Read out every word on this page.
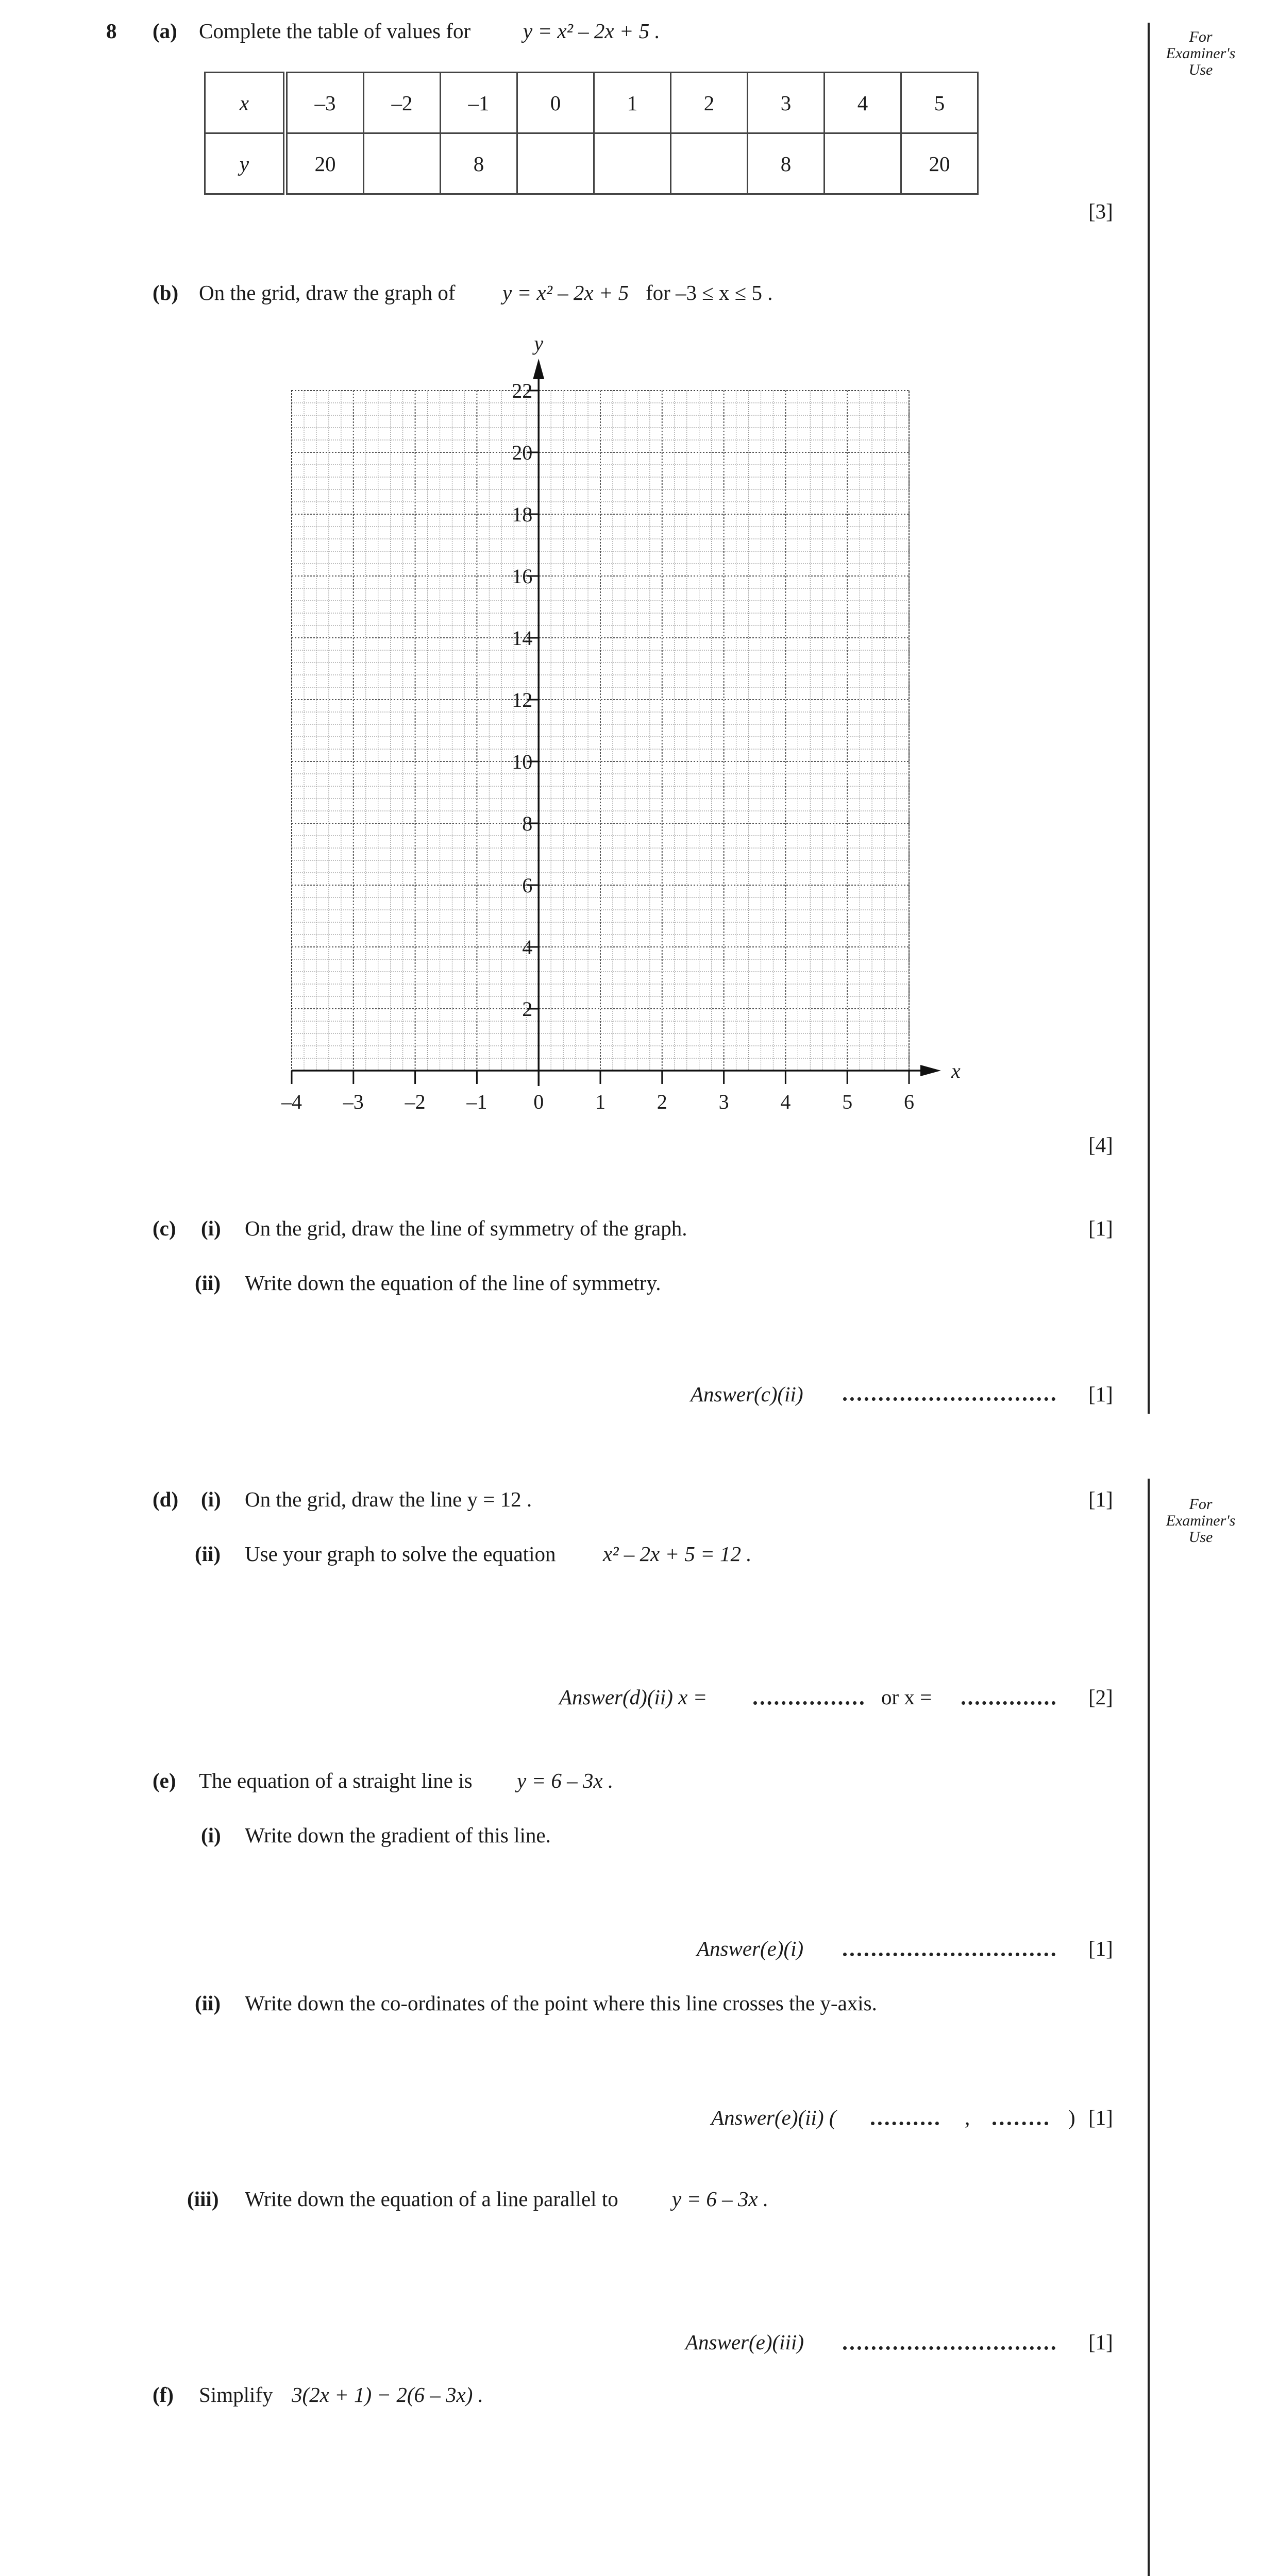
8 (a) Complete the table of values for y = x² – 2x + 5 .
x	–3	–2	–1	0	1	2	3	4	5
y	20		8				8		20
[3]
(b) On the grid, draw the graph of y = x² – 2x + 5 for –3 ≤ x ≤ 5 .
–4 –3 –2 –1 0 1 2 3 4 5 6
2
4
6
8
10
12
14
16
18
20
22
x
y
[4]
(c) (i) On the grid, draw the line of symmetry of the graph.	[1]
(ii) Write down the equation of the line of symmetry.
Answer(c)(ii)	[1]
For
Examiner's
Use
For
Examiner's
Use
(d) (i) On the grid, draw the line y = 12 .	[1]
(ii) Use your graph to solve the equation x² – 2x + 5 = 12 .
Answer(d)(ii) x =	or x =	[2]
(e) The equation of a straight line is y = 6 – 3x .
(i) Write down the gradient of this line.
Answer(e)(i)	[1]
(ii) Write down the co-ordinates of the point where this line crosses the y-axis.
Answer(e)(ii) (	,	) [1]
(iii) Write down the equation of a line parallel to	y = 6 – 3x .
Answer(e)(iii)	[1]
(f) Simplify 3(2x + 1) − 2(6 – 3x) .
